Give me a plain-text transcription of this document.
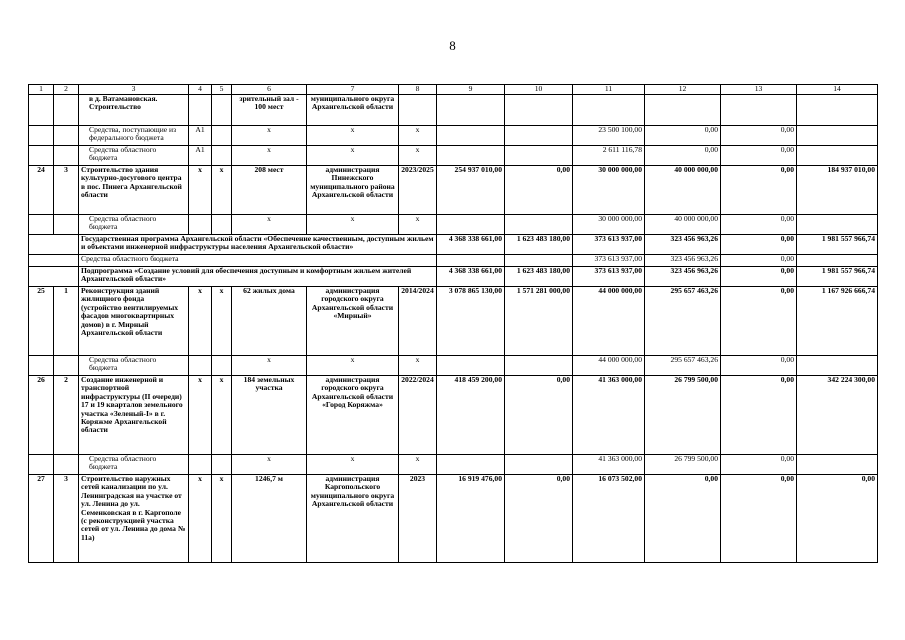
8
1	2	3	4	5	6	7	8	9	10	11	12	13	14
		в д. Ватамановская. Строительство			зрительный зал - 100 мест	муниципального округа Архангельской области							
		Средства, поступающие из федерального бюджета	А1		х	х	х			23 500 100,00	0,00	0,00	
		Средства областного бюджета	А1		х	х	х			2 611 116,78	0,00	0,00	
24	3	Строительство здания культурно-досугового центра в пос. Пинега Архангельской области	х	х	208 мест	администрация Пинежского муниципального района Архангельской области	2023/2025	254 937 010,00	0,00	30 000 000,00	40 000 000,00	0,00	184 937 010,00
		Средства областного бюджета			х	х	х			30 000 000,00	40 000 000,00	0,00	
		Государственная программа Архангельской области «Обеспечение качественным, доступным жильем и объектами инженерной инфраструктуры населения Архангельской области»						4 368 338 661,00	1 623 483 180,00	373 613 937,00	323 456 963,26	0,00	1 981 557 966,74
		Средства областного бюджета								373 613 937,00	323 456 963,26	0,00	
		Подпрограмма «Создание условий для обеспечения доступным и комфортным жильем жителей Архангельской области»						4 368 338 661,00	1 623 483 180,00	373 613 937,00	323 456 963,26	0,00	1 981 557 966,74
25	1	Реконструкция зданий жилищного фонда (устройство вентилируемых фасадов многоквартирных домов) в г. Мирный Архангельской области	х	х	62 жилых дома	администрация городского округа Архангельской области «Мирный»	2014/2024	3 078 865 130,00	1 571 281 000,00	44 000 000,00	295 657 463,26	0,00	1 167 926 666,74
		Средства областного бюджета			х	х	х			44 000 000,00	295 657 463,26	0,00	
26	2	Создание инженерной и транспортной инфраструктуры (II очереди) 17 и 19 кварталов земельного участка «Зеленый-I» в г. Коряжме Архангельской области	х	х	184 земельных участка	администрация городского округа Архангельской области «Город Коряжма»	2022/2024	418 459 200,00	0,00	41 363 000,00	26 799 500,00	0,00	342 224 300,00
		Средства областного бюджета			х	х	х			41 363 000,00	26 799 500,00	0,00	
27	3	Строительство наружных сетей канализации по ул. Ленинградская на участке от ул. Ленина до ул. Семенковская в г. Каргополе (с реконструкцией участка сетей от ул. Ленина до дома № 11а)	х	х	1246,7 м	администрация Каргопольского муниципального округа Архангельской области	2023	16 919 476,00	0,00	16 073 502,00	0,00	0,00	0,00
